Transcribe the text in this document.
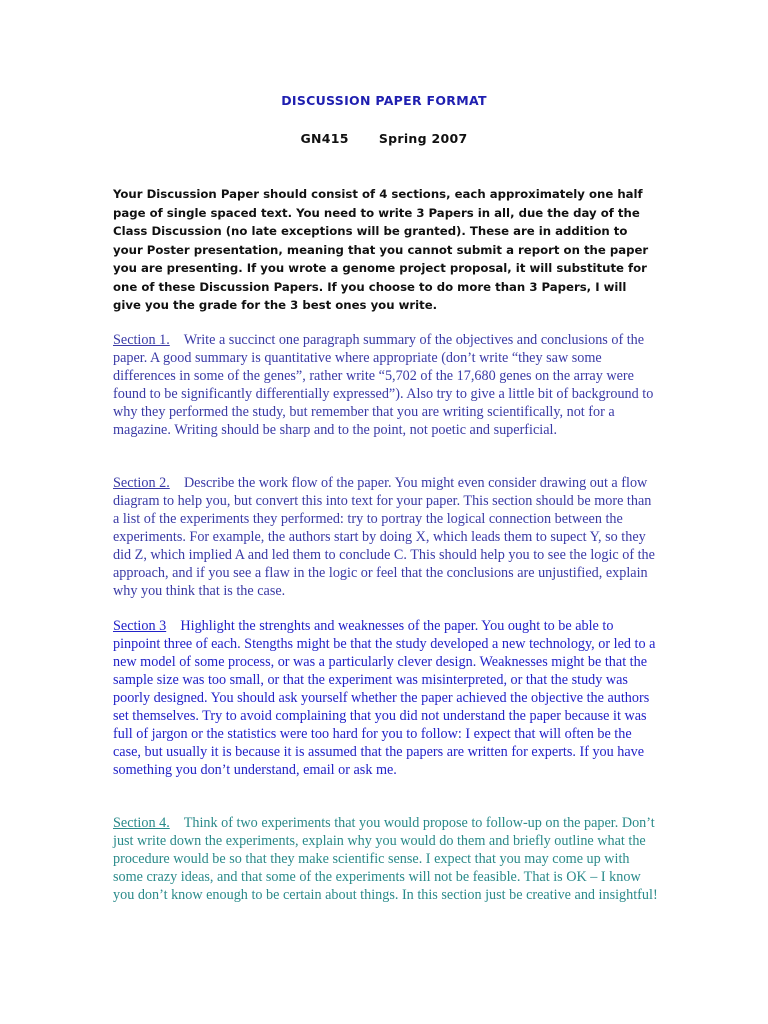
DISCUSSION PAPER FORMAT
GN415 Spring 2007

Your Discussion Paper should consist of 4 sections, each approximately one half page of single spaced text. You need to write 3 Papers in all, due the day of the Class Discussion (no late exceptions will be granted). These are in addition to your Poster presentation, meaning that you cannot submit a report on the paper you are presenting. If you wrote a genome project proposal, it will substitute for one of these Discussion Papers. If you choose to do more than 3 Papers, I will give you the grade for the 3 best ones you write.

Section 1. Write a succinct one paragraph summary of the objectives and conclusions of the paper. A good summary is quantitative where appropriate (don’t write “they saw some differences in some of the genes”, rather write “5,702 of the 17,680 genes on the array were found to be significantly differentially expressed”). Also try to give a little bit of background to why they performed the study, but remember that you are writing scientifically, not for a magazine. Writing should be sharp and to the point, not poetic and superficial.

Section 2. Describe the work flow of the paper. You might even consider drawing out a flow diagram to help you, but convert this into text for your paper. This section should be more than a list of the experiments they performed: try to portray the logical connection between the experiments. For example, the authors start by doing X, which leads them to supect Y, so they did Z, which implied A and led them to conclude C. This should help you to see the logic of the approach, and if you see a flaw in the logic or feel that the conclusions are unjustified, explain why you think that is the case.

Section 3 Highlight the strenghts and weaknesses of the paper. You ought to be able to pinpoint three of each. Stengths might be that the study developed a new technology, or led to a new model of some process, or was a particularly clever design. Weaknesses might be that the sample size was too small, or that the experiment was misinterpreted, or that the study was poorly designed. You should ask yourself whether the paper achieved the objective the authors set themselves. Try to avoid complaining that you did not understand the paper because it was full of jargon or the statistics were too hard for you to follow: I expect that will often be the case, but usually it is because it is assumed that the papers are written for experts. If you have something you don’t understand, email or ask me.

Section 4. Think of two experiments that you would propose to follow-up on the paper. Don’t just write down the experiments, explain why you would do them and briefly outline what the procedure would be so that they make scientific sense. I expect that you may come up with some crazy ideas, and that some of the experiments will not be feasible. That is OK – I know you don’t know enough to be certain about things. In this section just be creative and insightful!
